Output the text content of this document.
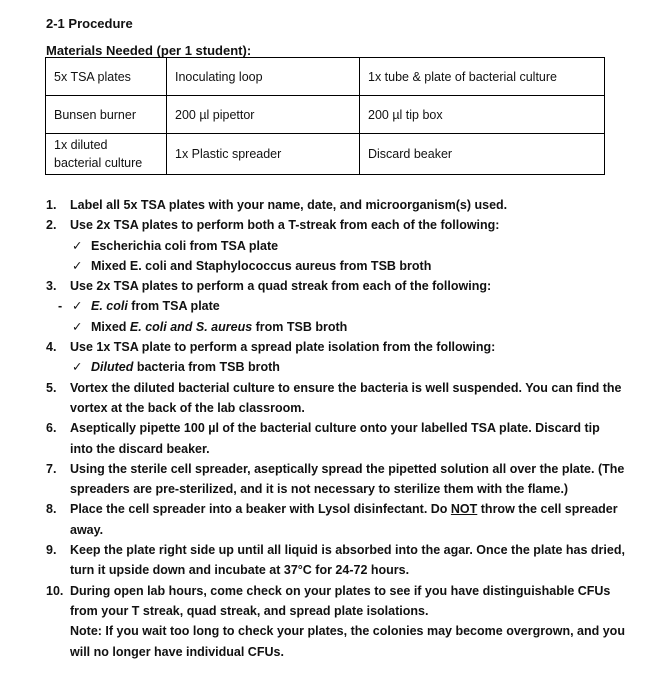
2-1 Procedure
Materials Needed (per 1 student):
5x TSA plates	Inoculating loop	1x tube & plate of bacterial culture
Bunsen burner	200 µl pipettor	200 µl tip box
1x diluted bacterial culture	1x Plastic spreader	Discard beaker
1.	Label all 5x TSA plates with your name, date, and microorganism(s) used.
2.	Use 2x TSA plates to perform both a T-streak from each of the following:
✓ Escherichia coli from TSA plate
✓ Mixed E. coli and Staphylococcus aureus from TSB broth
3.	Use 2x TSA plates to perform a quad streak from each of the following:
- ✓ E. coli from TSA plate
✓ Mixed E. coli and S. aureus from TSB broth
4.	Use 1x TSA plate to perform a spread plate isolation from the following:
✓ Diluted bacteria from TSB broth
5.	Vortex the diluted bacterial culture to ensure the bacteria is well suspended. You can find the vortex at the back of the lab classroom.
6.	Aseptically pipette 100 µl of the bacterial culture onto your labelled TSA plate. Discard tip into the discard beaker.
7.	Using the sterile cell spreader, aseptically spread the pipetted solution all over the plate. (The spreaders are pre-sterilized, and it is not necessary to sterilize them with the flame.)
8.	Place the cell spreader into a beaker with Lysol disinfectant. Do NOT throw the cell spreader away.
9.	Keep the plate right side up until all liquid is absorbed into the agar. Once the plate has dried, turn it upside down and incubate at 37°C for 24-72 hours.
10. During open lab hours, come check on your plates to see if you have distinguishable CFUs from your T streak, quad streak, and spread plate isolations.
Note: If you wait too long to check your plates, the colonies may become overgrown, and you will no longer have individual CFUs.
